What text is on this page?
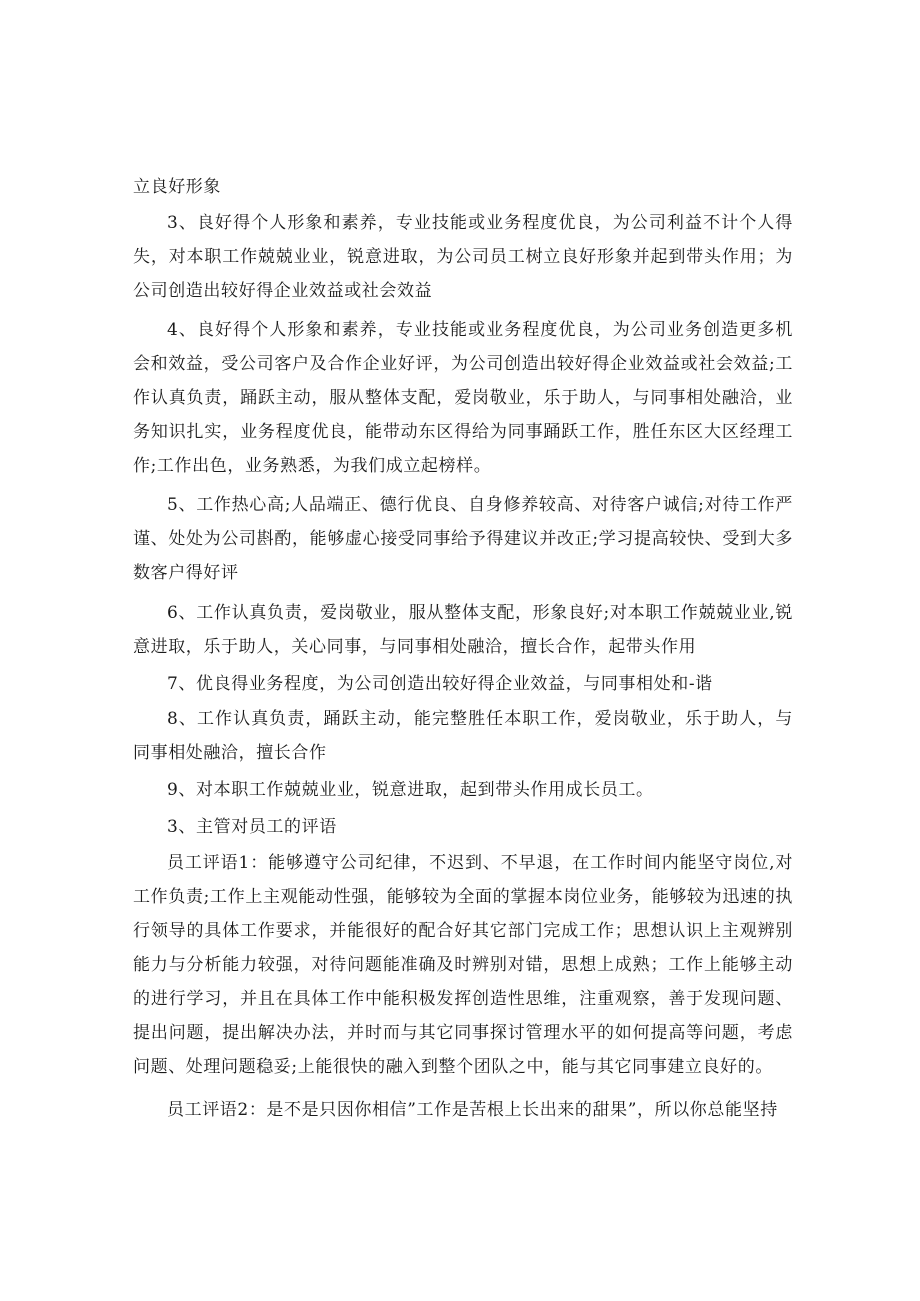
立良好形象

3、良好得个人形象和素养，专业技能或业务程度优良，为公司利益不计个人得失，对本职工作兢兢业业，锐意进取，为公司员工树立良好形象并起到带头作用；为公司创造出较好得企业效益或社会效益

4、良好得个人形象和素养，专业技能或业务程度优良，为公司业务创造更多机会和效益，受公司客户及合作企业好评，为公司创造出较好得企业效益或社会效益;工作认真负责，踊跃主动，服从整体支配，爱岗敬业，乐于助人，与同事相处融洽，业务知识扎实，业务程度优良，能带动东区得给为同事踊跃工作，胜任东区大区经理工作;工作出色，业务熟悉，为我们成立起榜样。

5、工作热心高;人品端正、德行优良、自身修养较高、对待客户诚信;对待工作严谨、处处为公司斟酌，能够虚心接受同事给予得建议并改正;学习提高较快、受到大多数客户得好评

6、工作认真负责，爱岗敬业，服从整体支配，形象良好;对本职工作兢兢业业,锐意进取，乐于助人，关心同事，与同事相处融洽，擅长合作，起带头作用

7、优良得业务程度，为公司创造出较好得企业效益，与同事相处和-谐

8、工作认真负责，踊跃主动，能完整胜任本职工作，爱岗敬业，乐于助人，与同事相处融洽，擅长合作

9、对本职工作兢兢业业，锐意进取，起到带头作用成长员工。

3、主管对员工的评语

员工评语1：能够遵守公司纪律，不迟到、不早退，在工作时间内能坚守岗位,对工作负责;工作上主观能动性强，能够较为全面的掌握本岗位业务，能够较为迅速的执行领导的具体工作要求，并能很好的配合好其它部门完成工作；思想认识上主观辨别能力与分析能力较强，对待问题能准确及时辨别对错，思想上成熟；工作上能够主动的进行学习，并且在具体工作中能积极发挥创造性思维，注重观察，善于发现问题、提出问题，提出解决办法，并时而与其它同事探讨管理水平的如何提高等问题，考虑问题、处理问题稳妥;上能很快的融入到整个团队之中，能与其它同事建立良好的。

员工评语2：是不是只因你相信”工作是苦根上长出来的甜果”，所以你总能坚持
